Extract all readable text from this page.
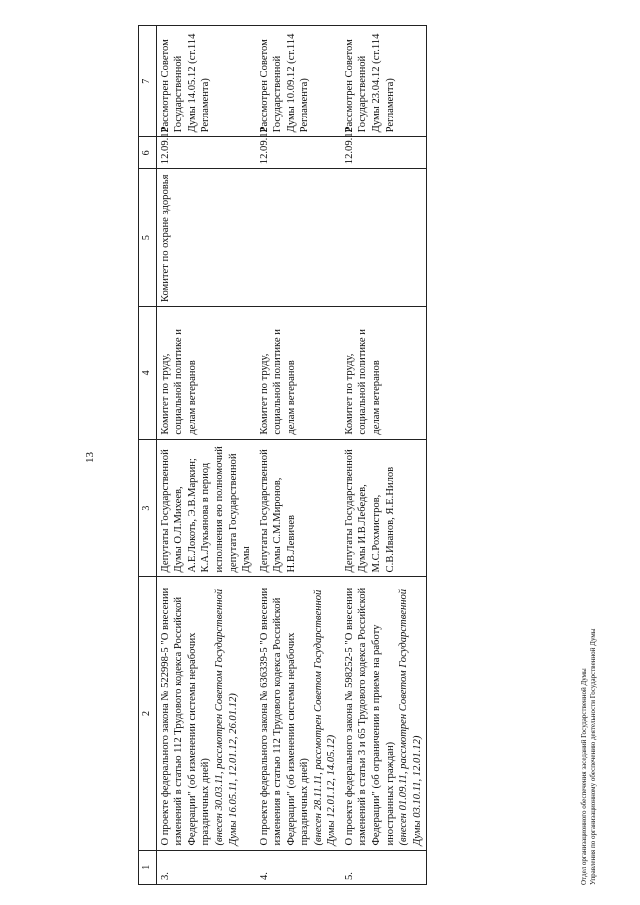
13
1	2	3	4	5	6	7
3.	О проекте федерального закона № 522998-5 "О внесении изменений в статью 112 Трудового кодекса Российской Федерации" (об изменении системы нерабочих праздничных дней) (внесен 30.03.11, рассмотрен Советом Государственной Думы 16.05.11, 12.01.12, 26.01.12)	Депутаты Государственной Думы О.Л.Михеев, А.Е.Локоть, Э.В.Маркин; К.А.Лукьянова в период исполнения ею полномочий депутата Государственной Думы	Комитет по труду, социальной политике и делам ветеранов	Комитет по охране здоровья	12.09.12	Рассмотрен Советом Государственной Думы 14.05.12 (ст.114 Регламента)
4.	О проекте федерального закона № 636339-5 "О внесении изменения в статью 112 Трудового кодекса Российской Федерации" (об изменении системы нерабочих праздничных дней) (внесен 28.11.11, рассмотрен Советом Государственной Думы 12.01.12, 14.05.12)	Депутаты Государственной Думы С.М.Миронов, Н.В.Левичев	Комитет по труду, социальной политике и делам ветеранов		12.09.12	Рассмотрен Советом Государственной Думы 10.09.12 (ст.114 Регламента)
5.	О проекте федерального закона № 598252-5 "О внесении изменений в статьи 3 и 65 Трудового кодекса Российской Федерации" (об ограничении в приеме на работу иностранных граждан) (внесен 01.09.11, рассмотрен Советом Государственной Думы 03.10.11, 12.01.12)	Депутаты Государственной Думы И.В.Лебедев, М.С.Рохмистров, С.В.Иванов, Я.Е.Нилов	Комитет по труду, социальной политике и делам ветеранов		12.09.12	Рассмотрен Советом Государственной Думы 23.04.12 (ст.114 Регламента)
Отдел организационного обеспечения заседаний Государственной Думы Управления по организационному обеспечению деятельности Государственной Думы
